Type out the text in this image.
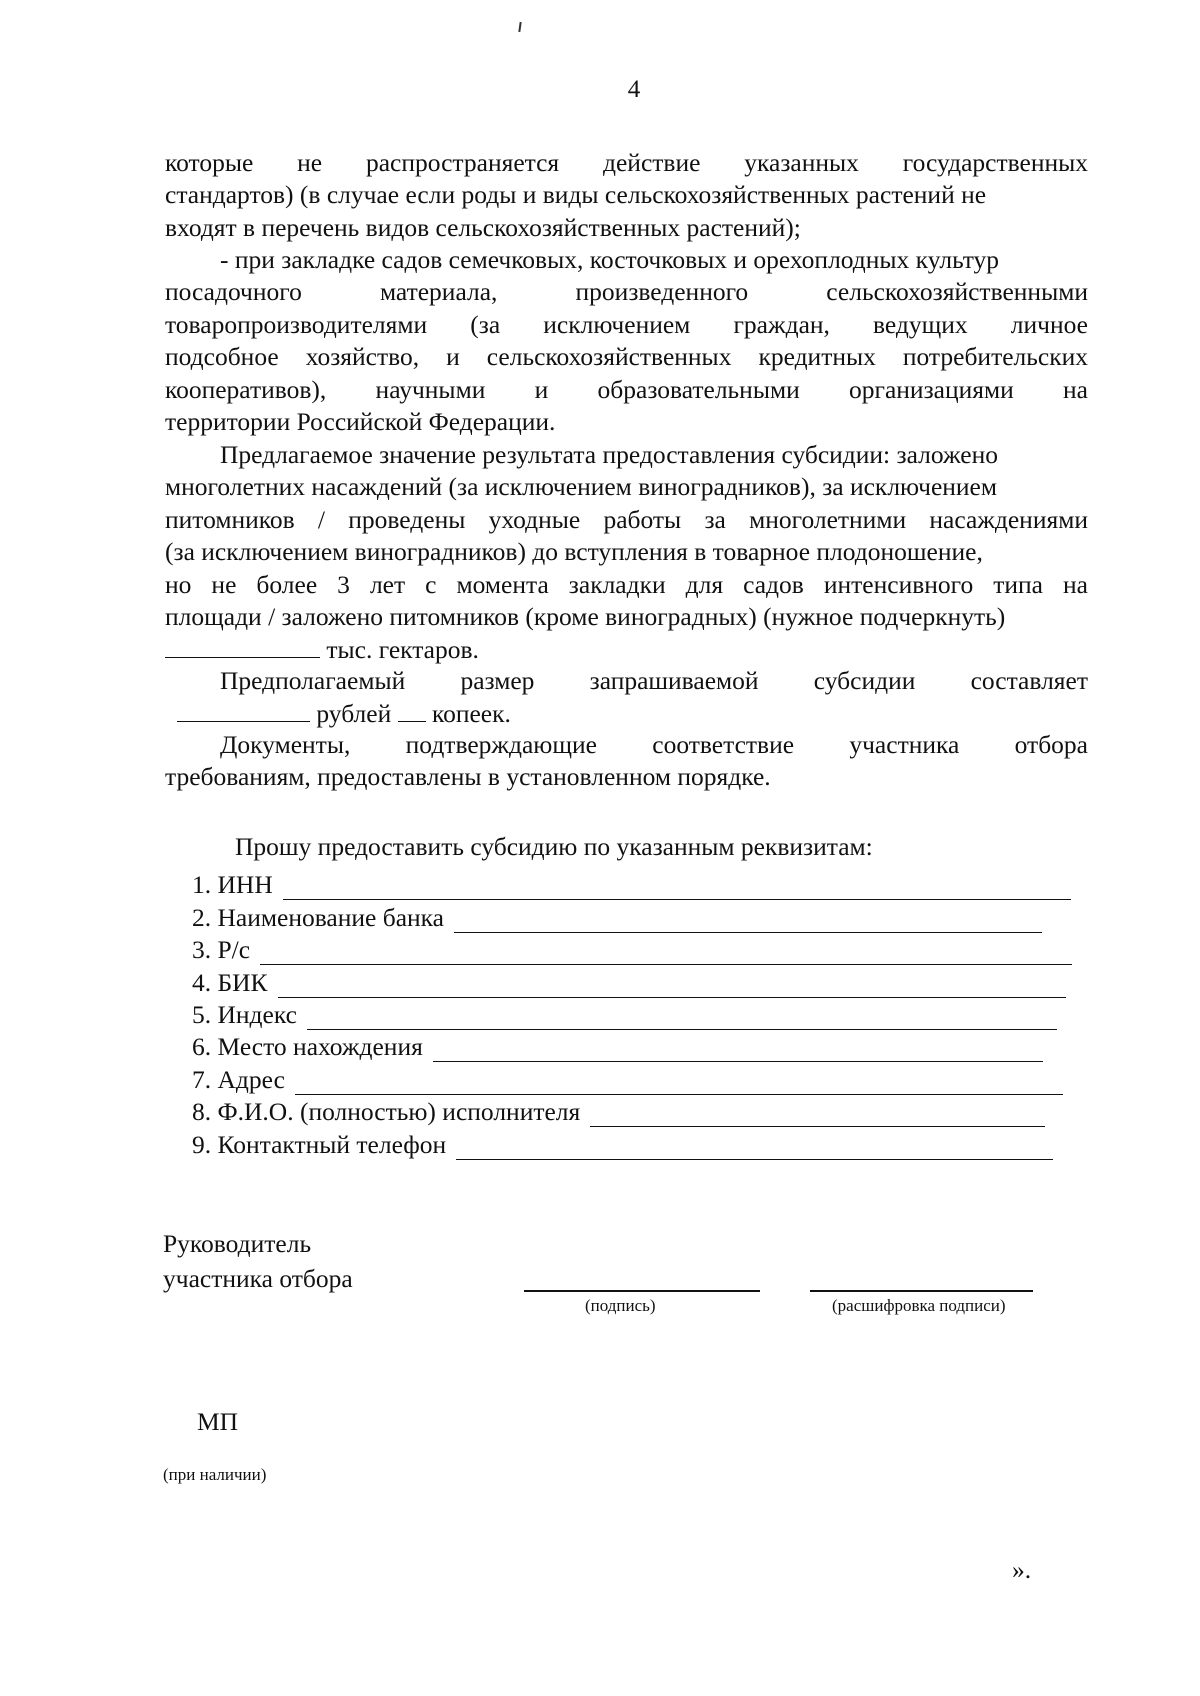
4
которые не распространяется действие указанных государственных
стандартов) (в случае если роды и виды сельскохозяйственных растений не
входят в перечень видов сельскохозяйственных растений);
- при закладке садов семечковых, косточковых и орехоплодных культур
посадочного материала, произведенного сельскохозяйственными
товаропроизводителями (за исключением граждан, ведущих личное
подсобное хозяйство, и сельскохозяйственных кредитных потребительских
кооперативов), научными и образовательными организациями на
территории Российской Федерации.
Предлагаемое значение результата предоставления субсидии: заложено
многолетних насаждений (за исключением виноградников), за исключением
питомников / проведены уходные работы за многолетними насаждениями
(за исключением виноградников) до вступления в товарное плодоношение,
но не более 3 лет с момента закладки для садов интенсивного типа на
площади / заложено питомников (кроме виноградных) (нужное подчеркнуть)
тыс. гектаров.
Предполагаемый размер запрашиваемой субсидии составляет
рублей копеек.
Документы, подтверждающие соответствие участника отбора
требованиям, предоставлены в установленном порядке.
Прошу предоставить субсидию по указанным реквизитам:
1. ИНН
2. Наименование банка
3. Р/с
4. БИК
5. Индекс
6. Место нахождения
7. Адрес
8. Ф.И.О. (полностью) исполнителя
9. Контактный телефон
Руководитель
участника отбора
(подпись)	(расшифровка подписи)
МП
(при наличии)
».
